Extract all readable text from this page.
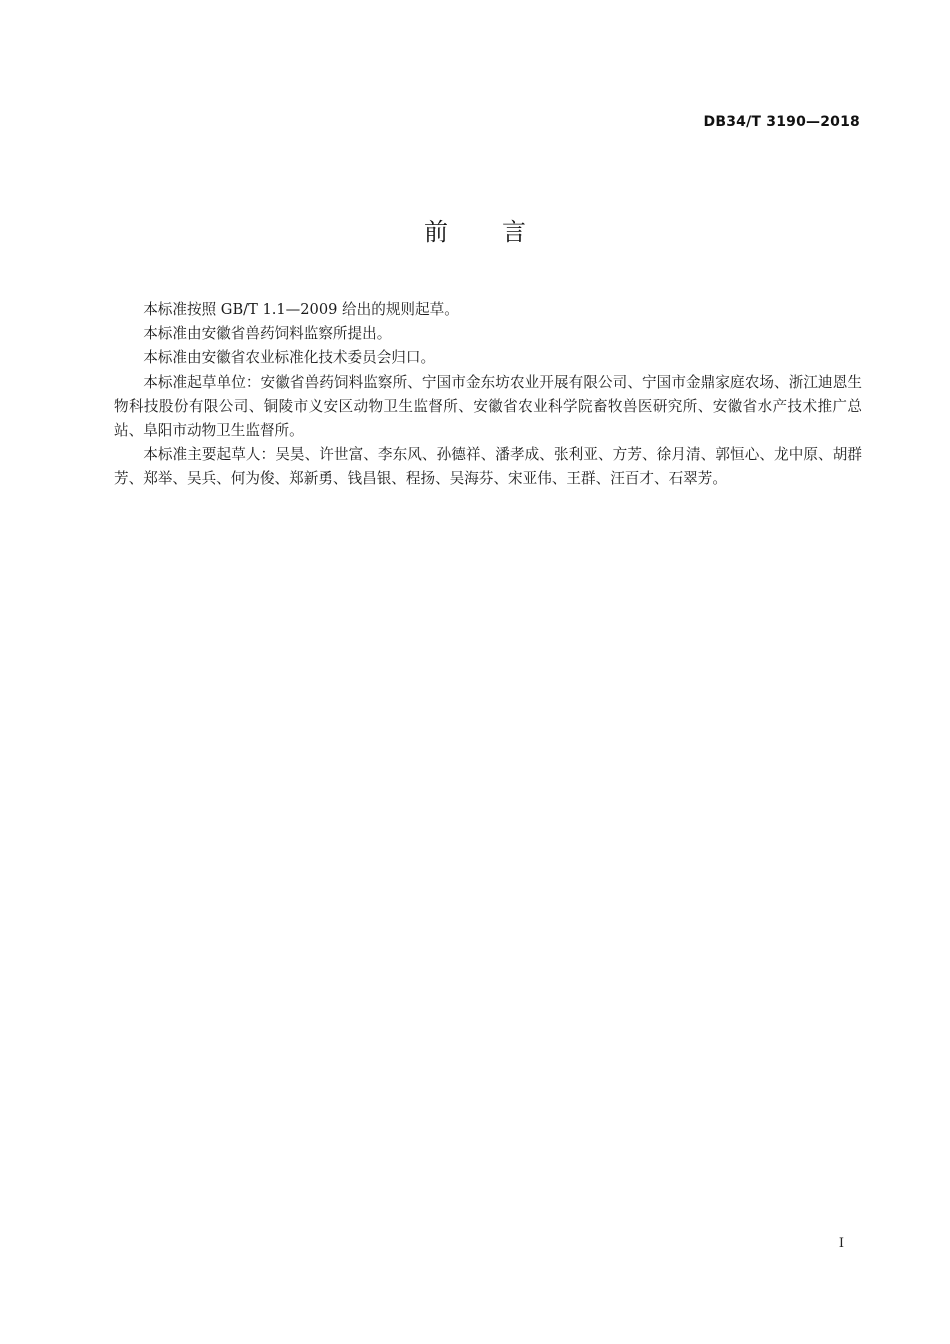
DB34/T 3190—2018
前言

本标准按照 GB/T 1.1—2009 给出的规则起草。

本标准由安徽省兽药饲料监察所提出。

本标准由安徽省农业标准化技术委员会归口。

本标准起草单位：安徽省兽药饲料监察所、宁国市金东坊农业开展有限公司、宁国市金鼎家庭农场、浙江迪恩生物科技股份有限公司、铜陵市义安区动物卫生监督所、安徽省农业科学院畜牧兽医研究所、安徽省水产技术推广总站、阜阳市动物卫生监督所。

本标准主要起草人：吴昊、许世富、李东风、孙德祥、潘孝成、张利亚、方芳、徐月清、郭恒心、龙中原、胡群芳、郑举、吴兵、何为俊、郑新勇、钱昌银、程扬、吴海芬、宋亚伟、王群、汪百才、石翠芳。

I
